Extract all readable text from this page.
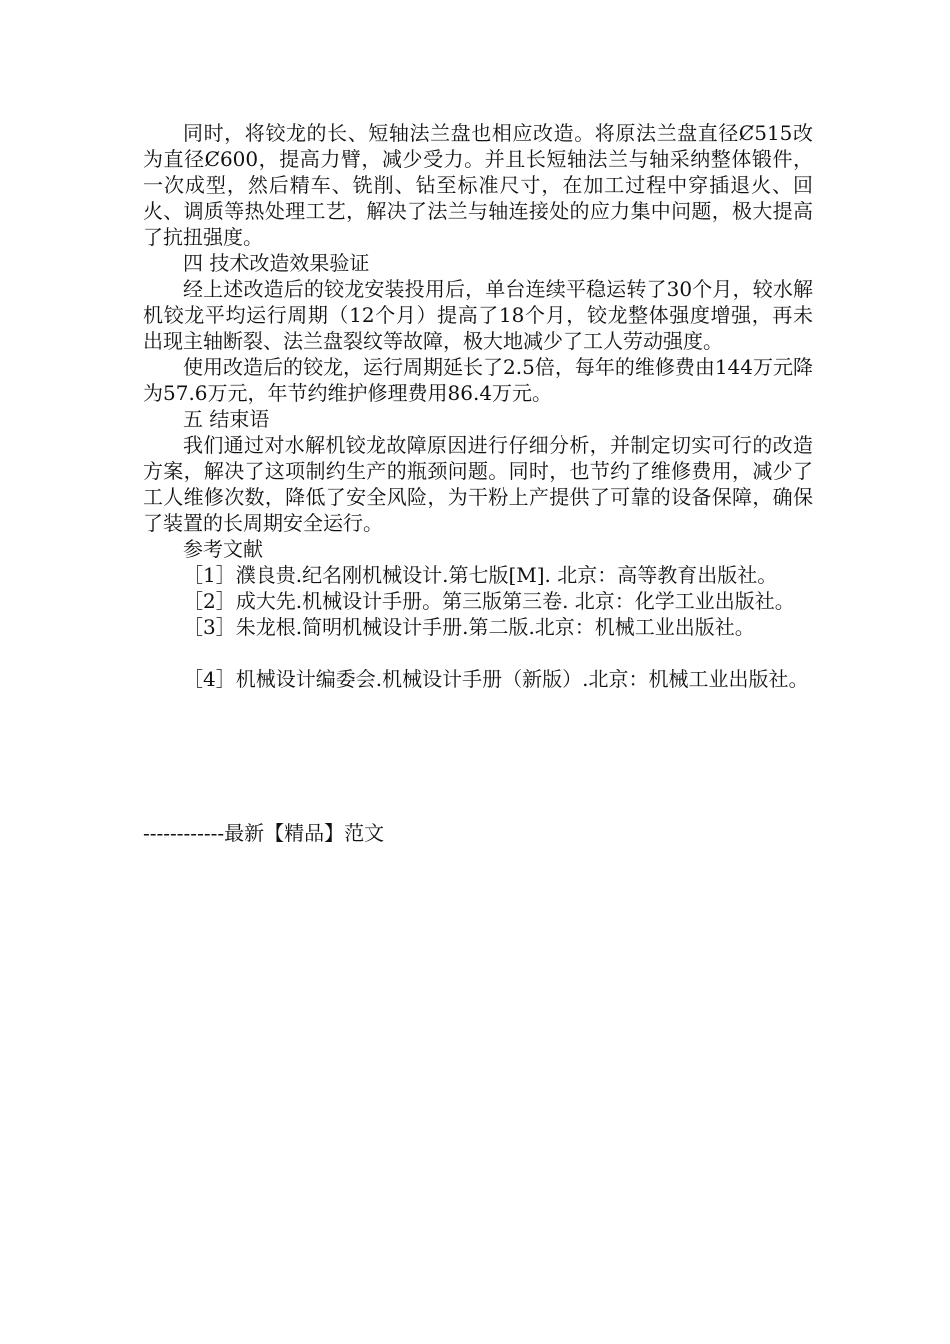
同时，将铰龙的长、短轴法兰盘也相应改造。将原法兰盘直径Ȼ515改为直径Ȼ600，提高力臂，减少受力。并且长短轴法兰与轴采纳整体锻件，一次成型，然后精车、铣削、钻至标准尺寸，在加工过程中穿插退火、回火、调质等热处理工艺，解决了法兰与轴连接处的应力集中问题，极大提高了抗扭强度。

四 技术改造效果验证

经上述改造后的铰龙安装投用后，单台连续平稳运转了30个月，较水解机铰龙平均运行周期（12个月）提高了18个月，铰龙整体强度增强，再未出现主轴断裂、法兰盘裂纹等故障，极大地减少了工人劳动强度。

使用改造后的铰龙，运行周期延长了2.5倍，每年的维修费由144万元降为57.6万元，年节约维护修理费用86.4万元。

五 结束语

我们通过对水解机铰龙故障原因进行仔细分析，并制定切实可行的改造方案，解决了这项制约生产的瓶颈问题。同时，也节约了维修费用，减少了工人维修次数，降低了安全风险，为干粉上产提供了可靠的设备保障，确保了装置的长周期安全运行。

参考文献

［1］濮良贵.纪名刚机械设计.第七版[M]. 北京：高等教育出版社。

［2］成大先.机械设计手册。第三版第三卷. 北京：化学工业出版社。

［3］朱龙根.简明机械设计手册.第二版.北京：机械工业出版社。

［4］机械设计编委会.机械设计手册（新版）.北京：机械工业出版社。

------------最新【精品】范文
